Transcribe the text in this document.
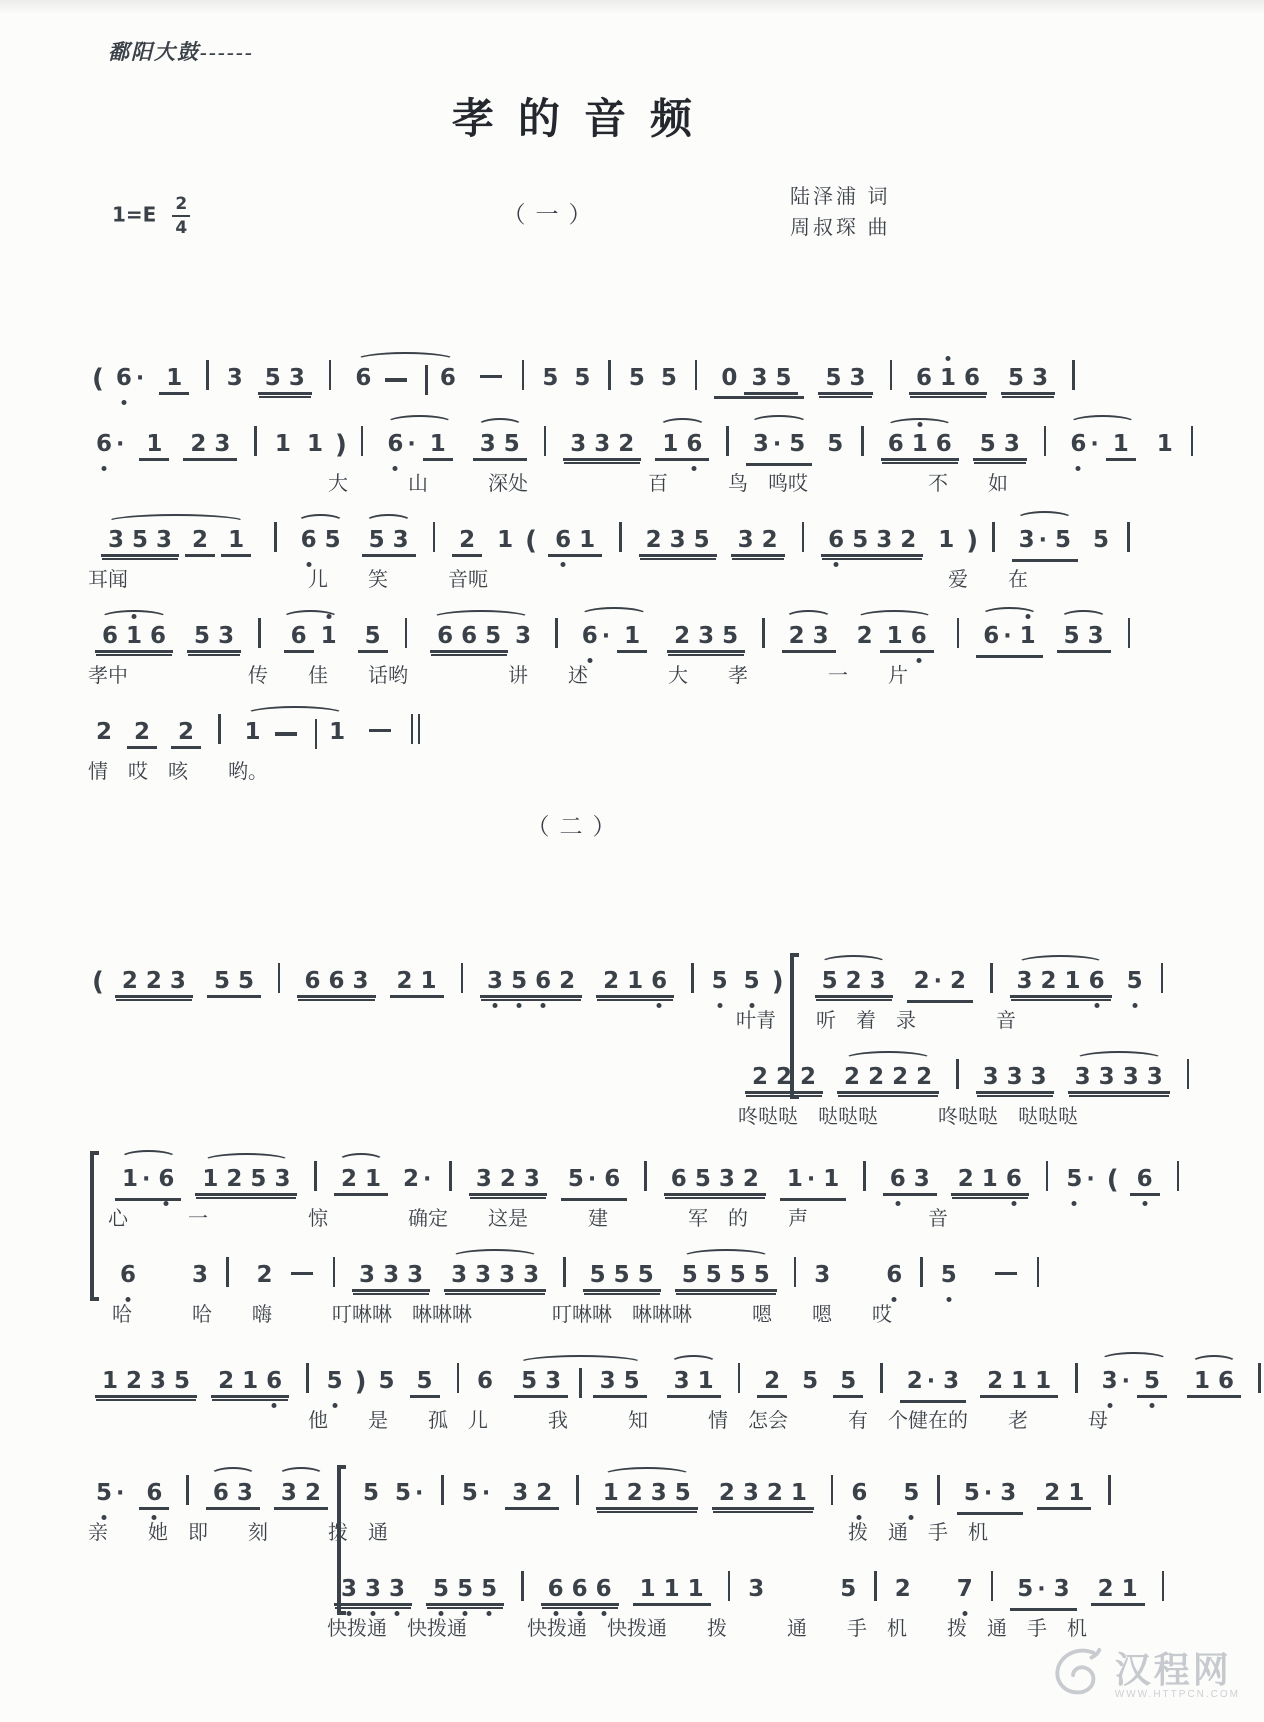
鄱阳大鼓------
孝的音频
$1=E \frac{2}{4}$	（一）
陆泽浦 词
周叔琛 曲
( 6 · 1 3 5 3 6	6	5 5 5 5 0 3 5 5 3 6 1 6 5 3
6 · 1 2 3 1 1 ) 6 · 1 3 5 3 3 2 1 6 3 · 5 5 6 1 6 5 3 6 · 1 1
　　　　　　　　　　　　大　　　山　　　深处　　　　　　百　　　鸟　鸣哎　　　　　　不　　如
3 5 3 2 1 6 5 5 3 2 1 ( 6 1 2 3 5 3 2 6 5 3 2 1 ) 3 · 5 5
耳闻　　　　　　　　　儿　　笑　　　音呃　　　　　　　　　　　　　　　　　　　　　　　爱　　在
6 1 6 5 3 6 1 5 6 6 5 3 6 · 1 2 3 5 2 3 2 1 6 6 · 1 5 3
孝中　　　　　　传　　佳　　话哟　　　　　讲　　述　　　　大　　孝　　　　一　　片
2 2 2 1	1
情　哎　咳　　哟。
（二）
( 2 2 3 5 5 6 6 3 2 1 3 5 6 2 2 1 6 5 5 ) 5 2 3 2 · 2 3 2 1 6 5
叶青　　听　着　录　　　　音
2 2 2 2 2 2 2 3 3 3 3 3 3 3
咚哒哒　哒哒哒　　　咚哒哒　哒哒哒
1 · 6 1 2 5 3 2 1 2 · 3 2 3 5 · 6 6 5 3 2 1 · 1 6 3 2 1 6 5 · ( 6
　心　　　一　　　　　惊　　　　确定　　这是　　　建　　　　军　的　　声　　　　　　音
6 3 2	3 3 3 3 3 3 3 5 5 5 5 5 5 5 3 6 5
哈　　　哈　　嗨　　　叮啉啉　啉啉啉　　　　叮啉啉　啉啉啉　　　嗯　　嗯　　哎
1 2 3 5 2 1 6 5 ) 5 5 6 5 3 3 5 3 1 2 5 5 2 · 3 2 1 1 3 · 5 1 6
　　　　　　　　　　　他　　是　　孤　儿　　　我　　　知　　　情　怎会　　　有　个健在的　　老　　　母
5 · 6 6 3 3 2 5 5 · 5 · 3 2 1 2 3 5 2 3 2 1 6 5 5 · 3 2 1
亲　　她　即　　刻　　　拨　通　　　　　　　　　　　　　　　　　　　　　　　拨　通　手　机
3 3 3 5 5 5 6 6 6 1 1 1 3	5 2 7 5 · 3 2 1
快拨通　快拨通　　　快拨通　快拨通　　拨　　　通　　手　机　　拨　通　手　机
汉程网
WWW.HTTPCN.COM
